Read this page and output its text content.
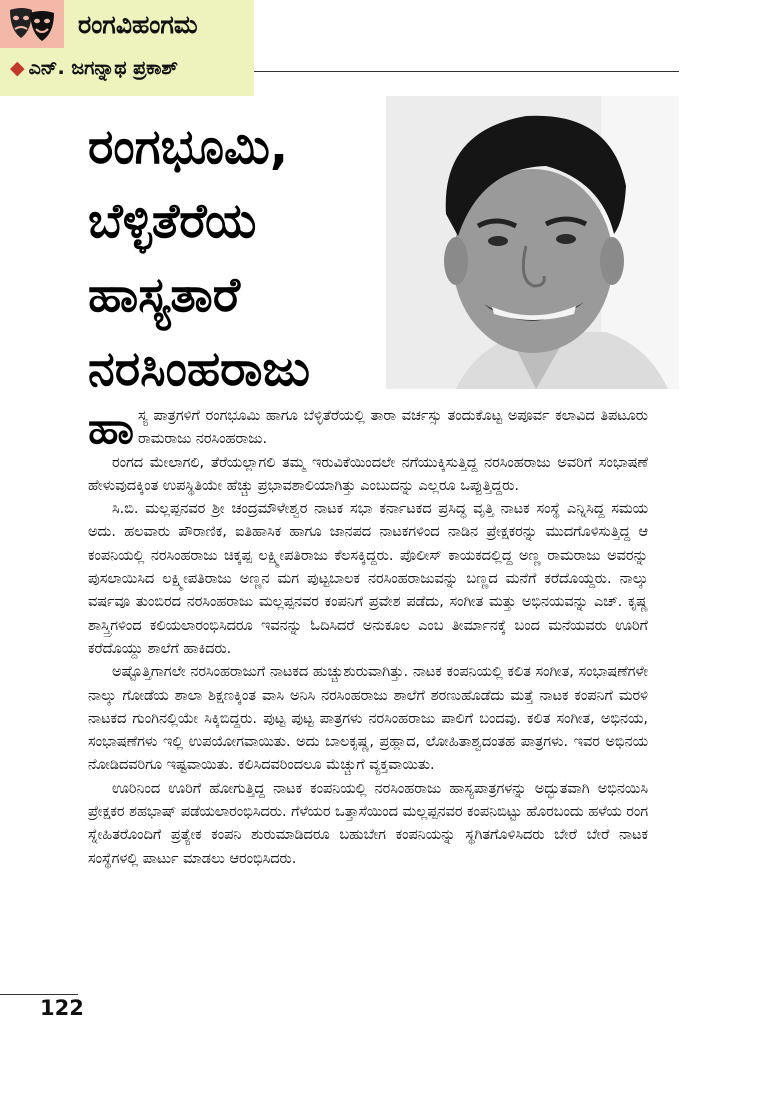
ರಂಗವಿಹಂಗಮ
◆ ಎನ್. ಜಗನ್ನಾಥ ಪ್ರಕಾಶ್
ರಂಗಭೂಮಿ,
ಬೆಳ್ಳಿತೆರೆಯ
ಹಾಸ್ಯತಾರೆ
ನರಸಿಂಹರಾಜು

ಹಾಸ್ಯ ಪಾತ್ರಗಳಿಗೆ ರಂಗಭೂಮಿ ಹಾಗೂ ಬೆಳ್ಳಿತೆರೆಯಲ್ಲಿ ತಾರಾ ವರ್ಚಸ್ಸು ತಂದುಕೊಟ್ಟ ಅಪೂರ್ವ ಕಲಾವಿದ ತಿಪಟೂರು ರಾಮರಾಜು ನರಸಿಂಹರಾಜು.

ರಂಗದ ಮೇಲಾಗಲಿ, ತೆರೆಯಲ್ಲಾಗಲಿ ತಮ್ಮ ಇರುವಿಕೆಯಿಂದಲೇ ನಗೆಯುಕ್ಕಿಸುತ್ತಿದ್ದ ನರಸಿಂಹರಾಜು ಅವರಿಗೆ ಸಂಭಾಷಣೆ ಹೇಳುವುದಕ್ಕಿಂತ ಉಪಸ್ಥಿತಿಯೇ ಹೆಚ್ಚು ಪ್ರಭಾವಶಾಲಿಯಾಗಿತ್ತು ಎಂಬುದನ್ನು ಎಲ್ಲರೂ ಒಪ್ಪುತ್ತಿದ್ದರು.

ಸಿ.ಬಿ. ಮಲ್ಲಪ್ಪನವರ ಶ್ರೀ ಚಂದ್ರಮೌಳೇಶ್ವರ ನಾಟಕ ಸಭಾ ಕರ್ನಾಟಕದ ಪ್ರಸಿದ್ಧ ವೃತ್ತಿ ನಾಟಕ ಸಂಸ್ಥೆ ಎನ್ನಿಸಿದ್ದ ಸಮಯ ಅದು. ಹಲವಾರು ಪೌರಾಣಿಕ, ಐತಿಹಾಸಿಕ ಹಾಗೂ ಜಾನಪದ ನಾಟಕಗಳಿಂದ ನಾಡಿನ ಪ್ರೇಕ್ಷಕರನ್ನು ಮುದಗೊಳಿಸುತ್ತಿದ್ದ ಆ ಕಂಪನಿಯಲ್ಲಿ ನರಸಿಂಹರಾಜು ಚಿಕ್ಕಪ್ಪ ಲಕ್ಷ್ಮೀಪತಿರಾಜು ಕೆಲಸಕ್ಕಿದ್ದರು. ಪೊಲೀಸ್ ಕಾಯಕದಲ್ಲಿದ್ದ ಅಣ್ಣ ರಾಮರಾಜು ಅವರನ್ನು ಪುಸಲಾಯಿಸಿದ ಲಕ್ಷ್ಮೀಪತಿರಾಜು ಅಣ್ಣನ ಮಗ ಪುಟ್ಟಬಾಲಕ ನರಸಿಂಹರಾಜುವನ್ನು ಬಣ್ಣದ ಮನೆಗೆ ಕರೆದೊಯ್ದರು. ನಾಲ್ಕು ವರ್ಷವೂ ತುಂಬಿರದ ನರಸಿಂಹರಾಜು ಮಲ್ಲಪ್ಪನವರ ಕಂಪನಿಗೆ ಪ್ರವೇಶ ಪಡೆದು, ಸಂಗೀತ ಮತ್ತು ಅಭಿನಯವನ್ನು ಎಚ್. ಕೃಷ್ಣ ಶಾಸ್ತ್ರಿಗಳಿಂದ ಕಲಿಯಲಾರಂಭಿಸಿದರೂ ಇವನನ್ನು ಓದಿಸಿದರೆ ಅನುಕೂಲ ಎಂಬ ತೀರ್ಮಾನಕ್ಕೆ ಬಂದ ಮನೆಯವರು ಊರಿಗೆ ಕರೆದೊಯ್ದು ಶಾಲೆಗೆ ಹಾಕಿದರು.

ಅಷ್ಟೊತ್ತಿಗಾಗಲೇ ನರಸಿಂಹರಾಜುಗೆ ನಾಟಕದ ಹುಚ್ಚುಶುರುವಾಗಿತ್ತು. ನಾಟಕ ಕಂಪನಿಯಲ್ಲಿ ಕಲಿತ ಸಂಗೀತ, ಸಂಭಾಷಣೆಗಳೇ ನಾಲ್ಕು ಗೋಡೆಯ ಶಾಲಾ ಶಿಕ್ಷಣಕ್ಕಿಂತ ವಾಸಿ ಅನಿಸಿ ನರಸಿಂಹರಾಜು ಶಾಲೆಗೆ ಶರಣುಹೊಡೆದು ಮತ್ತೆ ನಾಟಕ ಕಂಪನಿಗೆ ಮರಳಿ ನಾಟಕದ ಗುಂಗಿನಲ್ಲಿಯೇ ಸಿಕ್ಕಿಬಿದ್ದರು. ಪುಟ್ಟ ಪುಟ್ಟ ಪಾತ್ರಗಳು ನರಸಿಂಹರಾಜು ಪಾಲಿಗೆ ಬಂದವು. ಕಲಿತ ಸಂಗೀತ, ಅಭಿನಯ, ಸಂಭಾಷಣೆಗಳು ಇಲ್ಲಿ ಉಪಯೋಗವಾಯಿತು. ಅದು ಬಾಲಕೃಷ್ಣ, ಪ್ರಹ್ಲಾದ, ಲೋಹಿತಾಶ್ವದಂತಹ ಪಾತ್ರಗಳು. ಇವರ ಅಭಿನಯ ನೋಡಿದವರಿಗೂ ಇಷ್ಟವಾಯಿತು. ಕಲಿಸಿದವರಿಂದಲೂ ಮೆಚ್ಚುಗೆ ವ್ಯಕ್ತವಾಯಿತು.

ಊರಿನಿಂದ ಊರಿಗೆ ಹೋಗುತ್ತಿದ್ದ ನಾಟಕ ಕಂಪನಿಯಲ್ಲಿ ನರಸಿಂಹರಾಜು ಹಾಸ್ಯಪಾತ್ರಗಳನ್ನು ಅದ್ಭುತವಾಗಿ ಅಭಿನಯಿಸಿ ಪ್ರೇಕ್ಷಕರ ಶಹಭಾಷ್ ಪಡೆಯಲಾರಂಭಿಸಿದರು. ಗೆಳೆಯರ ಒತ್ತಾಸೆಯಿಂದ ಮಲ್ಲಪ್ಪನವರ ಕಂಪನಿಬಿಟ್ಟು ಹೊರಬಂದು ಹಳೆಯ ರಂಗ ಸ್ನೇಹಿತರೊಂದಿಗೆ ಪ್ರತ್ಯೇಕ ಕಂಪನಿ ಶುರುಮಾಡಿದರೂ ಬಹುಬೇಗ ಕಂಪನಿಯನ್ನು ಸ್ಥಗಿತಗೊಳಿಸಿದರು ಬೇರೆ ಬೇರೆ ನಾಟಕ ಸಂಸ್ಥೆಗಳಲ್ಲಿ ಪಾರ್ಟು ಮಾಡಲು ಆರಂಭಿಸಿದರು.

122
